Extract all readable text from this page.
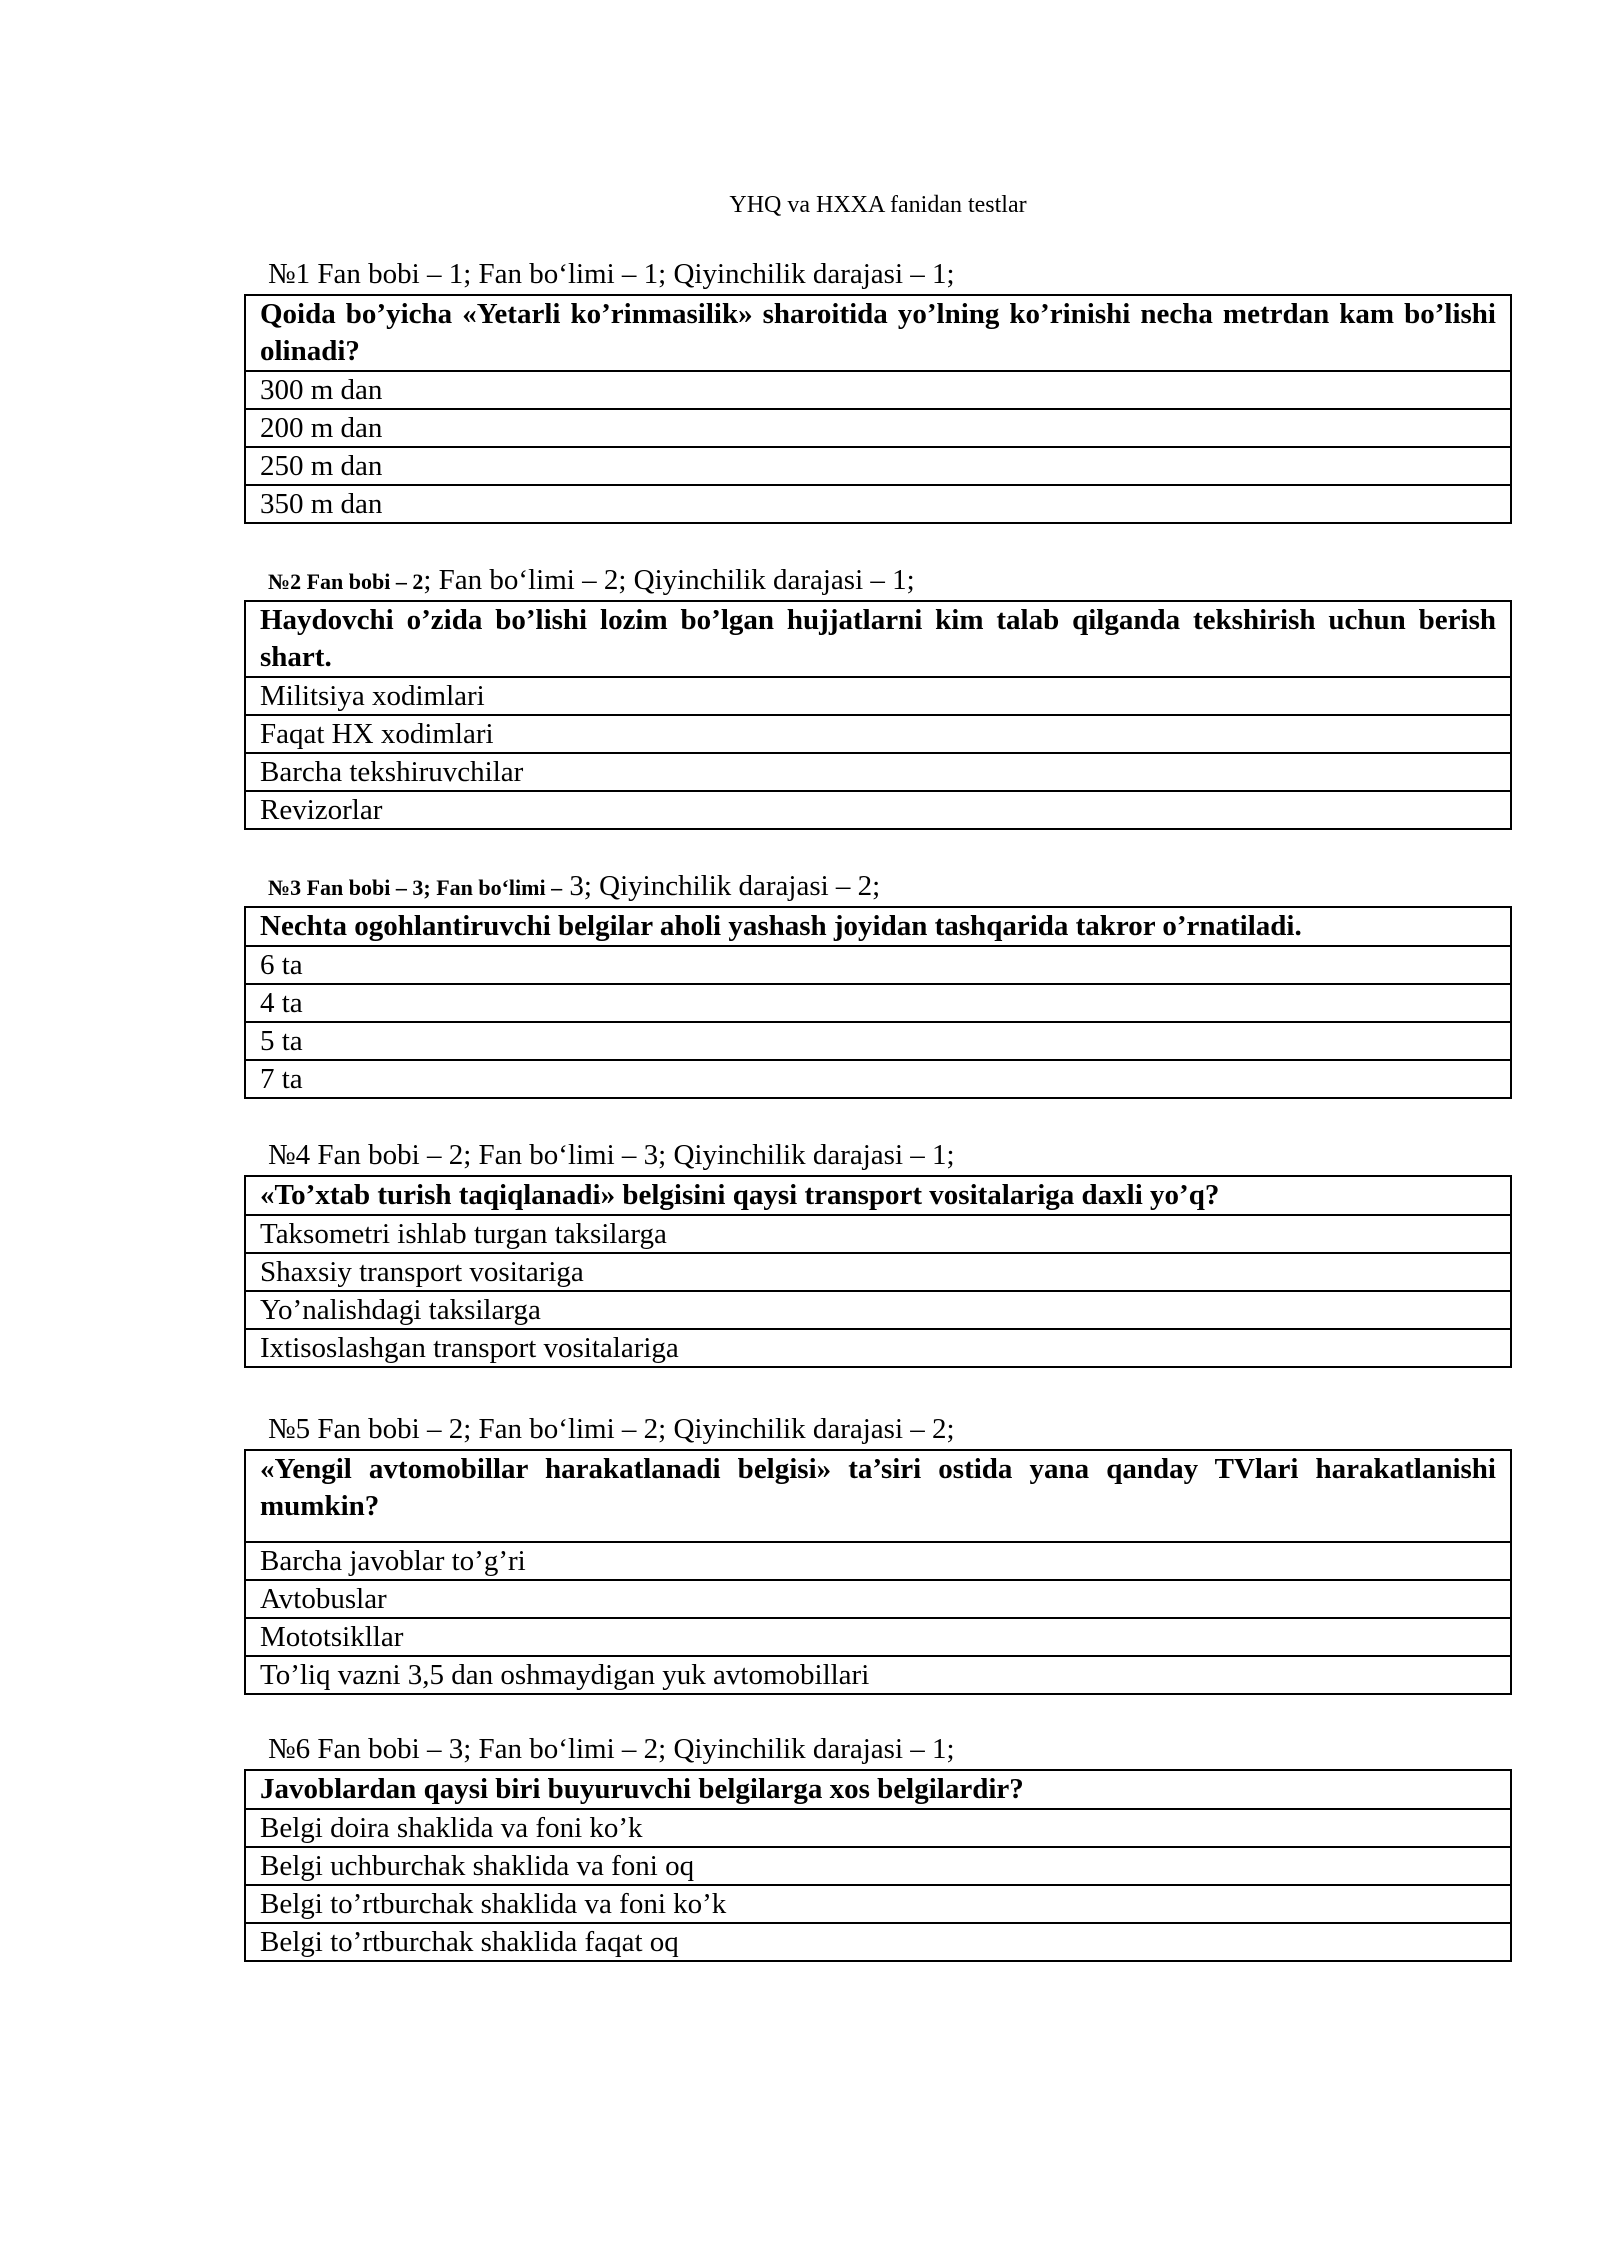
YHQ va HXXA fanidan testlar
№1 Fan bobi – 1; Fan bo‘limi – 1; Qiyinchilik darajasi – 1;
Qoida bo’yicha «Yetarli ko’rinmasilik» sharoitida yo’lning ko’rinishi necha metrdan kam bo’lishi olinadi?
300 m dan
200 m dan
250 m dan
350 m dan
№2 Fan bobi – 2; Fan bo‘limi – 2; Qiyinchilik darajasi – 1;
Haydovchi o’zida bo’lishi lozim bo’lgan hujjatlarni kim talab qilganda tekshirish uchun berish shart.
Militsiya xodimlari
Faqat HX xodimlari
Barcha tekshiruvchilar
Revizorlar
№3 Fan bobi – 3; Fan bo‘limi – 3; Qiyinchilik darajasi – 2;
Nechta ogohlantiruvchi belgilar aholi yashash joyidan tashqarida takror o’rnatiladi.
6 ta
4 ta
5 ta
7 ta
№4 Fan bobi – 2; Fan bo‘limi – 3; Qiyinchilik darajasi – 1;
«To’xtab turish taqiqlanadi» belgisini qaysi transport vositalariga daxli yo’q?
Taksometri ishlab turgan taksilarga
Shaxsiy transport vositariga
Yo’nalishdagi taksilarga
Ixtisoslashgan transport vositalariga
№5 Fan bobi – 2; Fan bo‘limi – 2; Qiyinchilik darajasi – 2;
«Yengil avtomobillar harakatlanadi belgisi» ta’siri ostida yana qanday TVlari harakatlanishi mumkin?
Barcha javoblar to’g’ri
Avtobuslar
Mototsikllar
To’liq vazni 3,5 dan oshmaydigan yuk avtomobillari
№6 Fan bobi – 3; Fan bo‘limi – 2; Qiyinchilik darajasi – 1;
Javoblardan qaysi biri buyuruvchi belgilarga xos belgilardir?
Belgi doira shaklida va foni ko’k
Belgi uchburchak shaklida va foni oq
Belgi to’rtburchak shaklida va foni ko’k
Belgi to’rtburchak shaklida faqat oq
